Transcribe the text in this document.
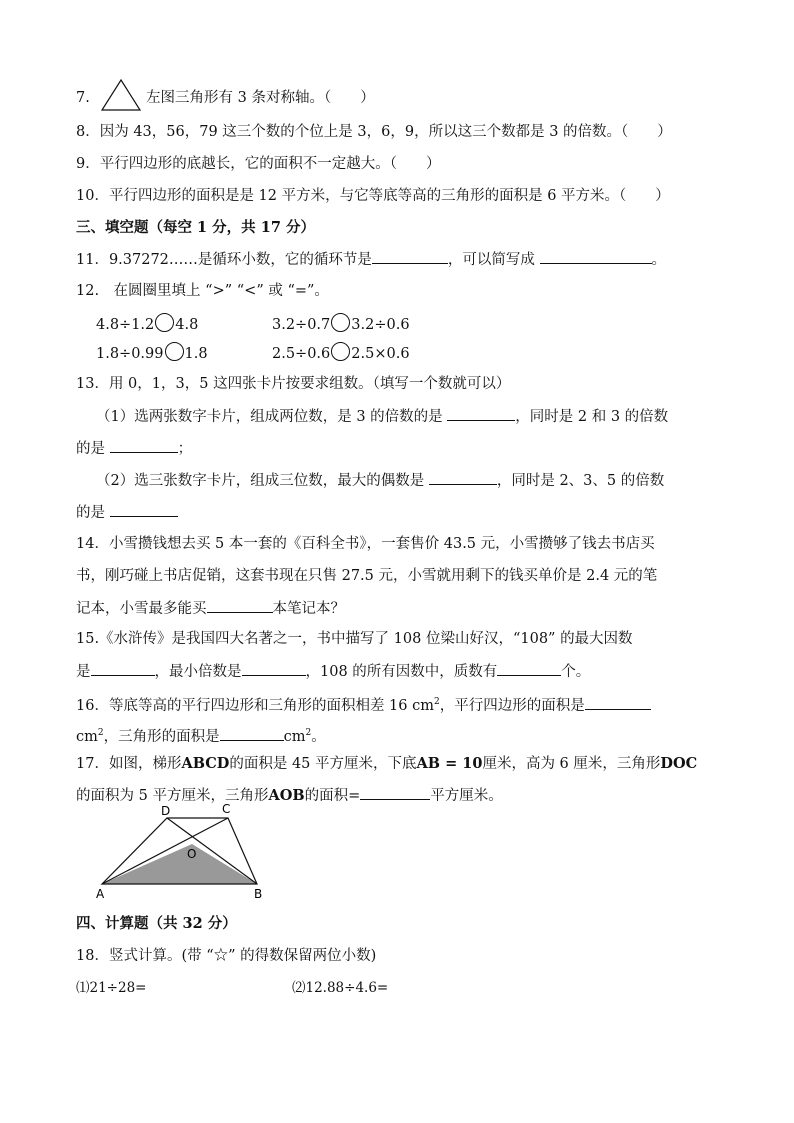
7.	左图三角形有 3 条对称轴。（　　）
8．因为 43，56，79 这三个数的个位上是 3，6，9，所以这三个数都是 3 的倍数。（　　）
9．平行四边形的底越长，它的面积不一定越大。（　　）
10．平行四边形的面积是是 12 平方米，与它等底等高的三角形的面积是 6 平方米。（　　）
三、填空题（每空 1 分，共 17 分）
11．9.37272……是循环小数，它的循环节是	，可以简写成	。
12.　在圆圈里填上 “>” “<” 或 “=”。
4.8÷1.2 4.8	3.2÷0.7 3.2÷0.6
1.8÷0.99 1.8	2.5÷0.6 2.5×0.6
13．用 0，1，3，5 这四张卡片按要求组数。（填写一个数就可以）
（1）选两张数字卡片，组成两位数，是 3 的倍数的是	，同时是 2 和 3 的倍数
的是	；
（2）选三张数字卡片，组成三位数，最大的偶数是	，同时是 2、3、5 的倍数
的是
14．小雪攒钱想去买 5 本一套的《百科全书》，一套售价 43.5 元，小雪攒够了钱去书店买
书，刚巧碰上书店促销，这套书现在只售 27.5 元，小雪就用剩下的钱买单价是 2.4 元的笔
记本，小雪最多能买	本笔记本？
15.《水浒传》是我国四大名著之一，书中描写了 108 位梁山好汉，“108” 的最大因数
是	，最小倍数是	，108 的所有因数中，质数有	个。
16．等底等高的平行四边形和三角形的面积相差 16 $cm^2$，平行四边形的面积是
$cm^2$，三角形的面积是	$cm^2$。
17．如图，梯形ABCD的面积是 45 平方厘米，下底AB = 10厘米，高为 6 厘米，三角形DOC
的面积为 5 平方厘米，三角形AOB的面积=	平方厘米。
D	C
O
A	B
四、计算题（共 32 分）
18．竖式计算。(带 “☆” 的得数保留两位小数)
⑴21÷28=	⑵12.88÷4.6=
